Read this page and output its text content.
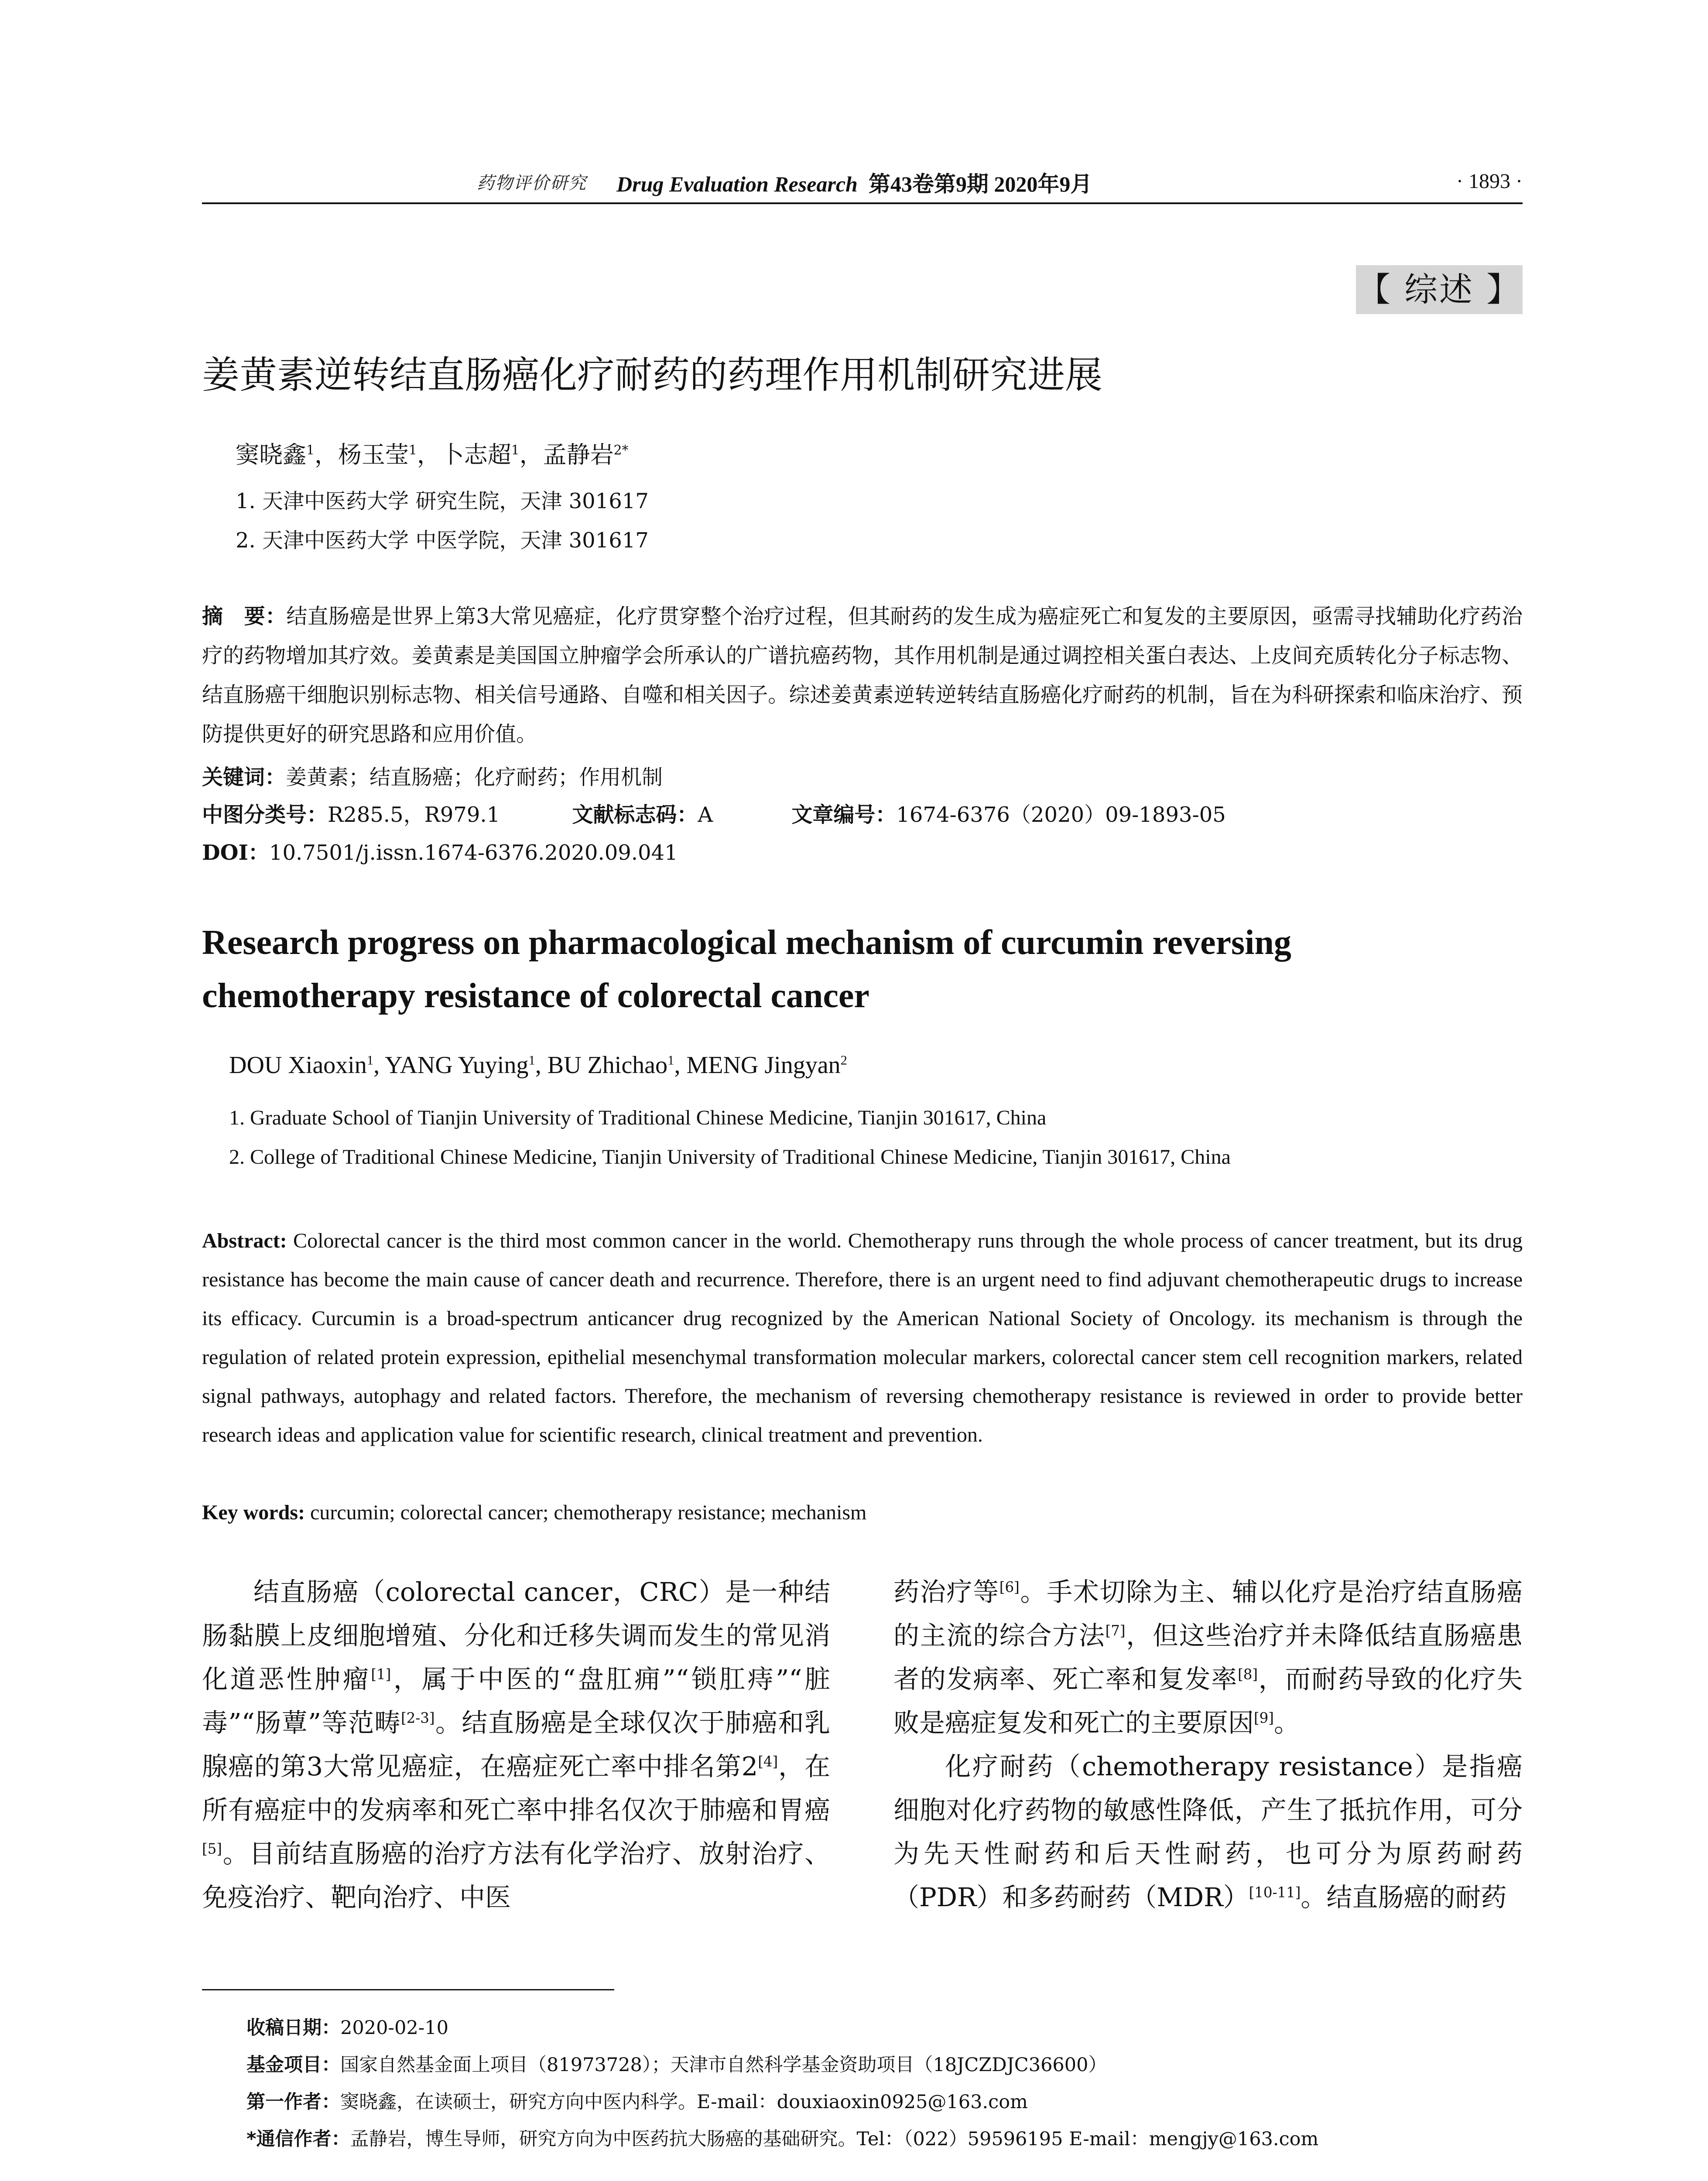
药物评价研究 Drug Evaluation Research 第43卷第9期 2020年9月	· 1893 ·
【 综述 】
姜黄素逆转结直肠癌化疗耐药的药理作用机制研究进展
窦晓鑫$^1$，杨玉莹$^1$，卜志超$^1$，孟静岩$^{2*}$
1. 天津中医药大学 研究生院，天津 301617
2. 天津中医药大学 中医学院，天津 301617
摘　要：结直肠癌是世界上第3大常见癌症，化疗贯穿整个治疗过程，但其耐药的发生成为癌症死亡和复发的主要原因，亟需寻找辅助化疗药治疗的药物增加其疗效。姜黄素是美国国立肿瘤学会所承认的广谱抗癌药物，其作用机制是通过调控相关蛋白表达、上皮间充质转化分子标志物、结直肠癌干细胞识别标志物、相关信号通路、自噬和相关因子。综述姜黄素逆转逆转结直肠癌化疗耐药的机制，旨在为科研探索和临床治疗、预防提供更好的研究思路和应用价值。
关键词：姜黄素；结直肠癌；化疗耐药；作用机制
中图分类号：R285.5，R979.1	文献标志码：A	文章编号：1674-6376（2020）09-1893-05
DOI：10.7501/j.issn.1674-6376.2020.09.041
Research progress on pharmacological mechanism of curcumin reversing
chemotherapy resistance of colorectal cancer
DOU Xiaoxin$^1$, YANG Yuying$^1$, BU Zhichao$^1$, MENG Jingyan$^2$
1. Graduate School of Tianjin University of Traditional Chinese Medicine, Tianjin 301617, China
2. College of Traditional Chinese Medicine, Tianjin University of Traditional Chinese Medicine, Tianjin 301617, China
Abstract: Colorectal cancer is the third most common cancer in the world. Chemotherapy runs through the whole process of cancer treatment, but its drug resistance has become the main cause of cancer death and recurrence. Therefore, there is an urgent need to find adjuvant chemotherapeutic drugs to increase its efficacy. Curcumin is a broad-spectrum anticancer drug recognized by the American National Society of Oncology. its mechanism is through the regulation of related protein expression, epithelial mesenchymal transformation molecular markers, colorectal cancer stem cell recognition markers, related signal pathways, autophagy and related factors. Therefore, the mechanism of reversing chemotherapy resistance is reviewed in order to provide better research ideas and application value for scientific research, clinical treatment and prevention.
Key words: curcumin; colorectal cancer; chemotherapy resistance; mechanism

结直肠癌（colorectal cancer，CRC）是一种结肠黏膜上皮细胞增殖、分化和迁移失调而发生的常见消化道恶性肿瘤[1]，属于中医的“盘肛痈”“锁肛痔”“脏毒”“肠蕈”等范畴[2-3]。结直肠癌是全球仅次于肺癌和乳腺癌的第3大常见癌症，在癌症死亡率中排名第2[4]，在所有癌症中的发病率和死亡率中排名仅次于肺癌和胃癌[5]。目前结直肠癌的治疗方法有化学治疗、放射治疗、免疫治疗、靶向治疗、中医

药治疗等[6]。手术切除为主、辅以化疗是治疗结直肠癌的主流的综合方法[7]，但这些治疗并未降低结直肠癌患者的发病率、死亡率和复发率[8]，而耐药导致的化疗失败是癌症复发和死亡的主要原因[9]。

化疗耐药（chemotherapy resistance）是指癌细胞对化疗药物的敏感性降低，产生了抵抗作用，可分为先天性耐药和后天性耐药，也可分为原药耐药（PDR）和多药耐药（MDR）[10-11]。结直肠癌的耐药

收稿日期：2020-02-10
基金项目：国家自然基金面上项目（81973728）；天津市自然科学基金资助项目（18JCZDJC36600）
第一作者：窦晓鑫，在读硕士，研究方向中医内科学。E-mail：douxiaoxin0925@163.com
*通信作者：孟静岩，博生导师，研究方向为中医药抗大肠癌的基础研究。Tel：（022）59596195 E-mail：mengjy@163.com
